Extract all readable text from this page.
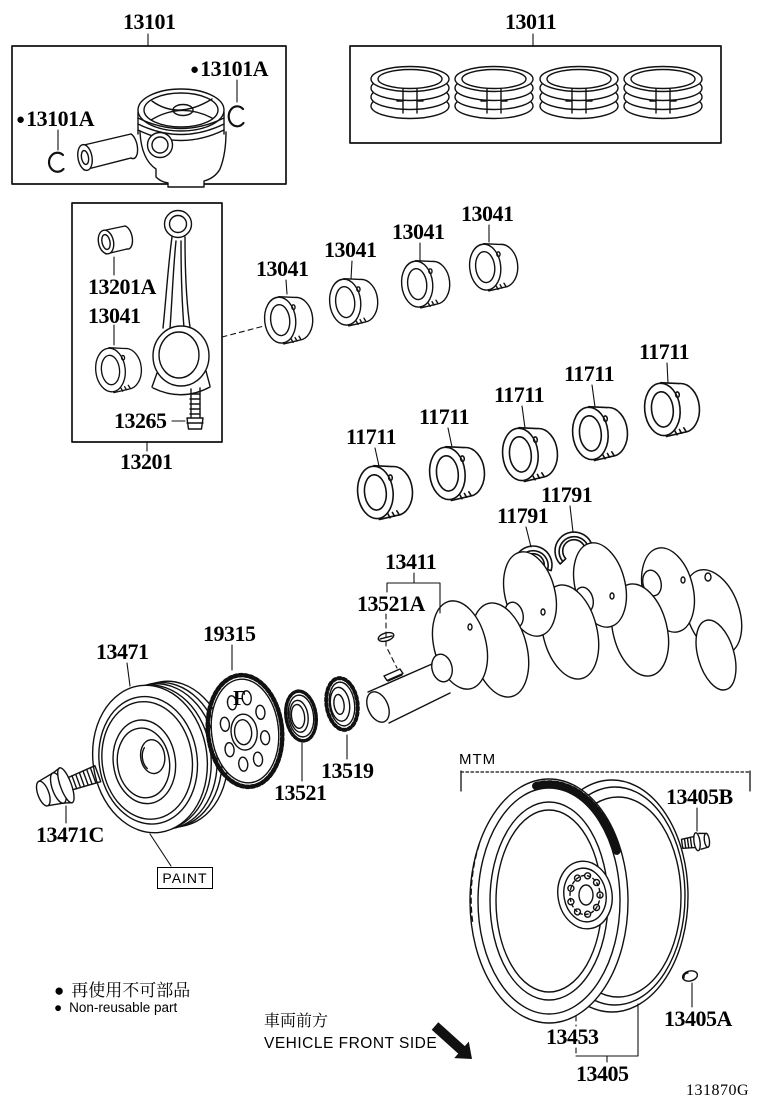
13101	13011
●13101A
●13101A
13201A
13041
13265
13201
13041
13041
13041
13041
11711
11711
11711
11711
11711
11791
11791
13411
13521A
19315
13471
13471C
13521
13519
13405B
13453
13405
13405A
MTM
PAINT
F
● 再使用不可部品
● Non-reusable part
車両前方
VEHICLE FRONT SIDE
131870G
